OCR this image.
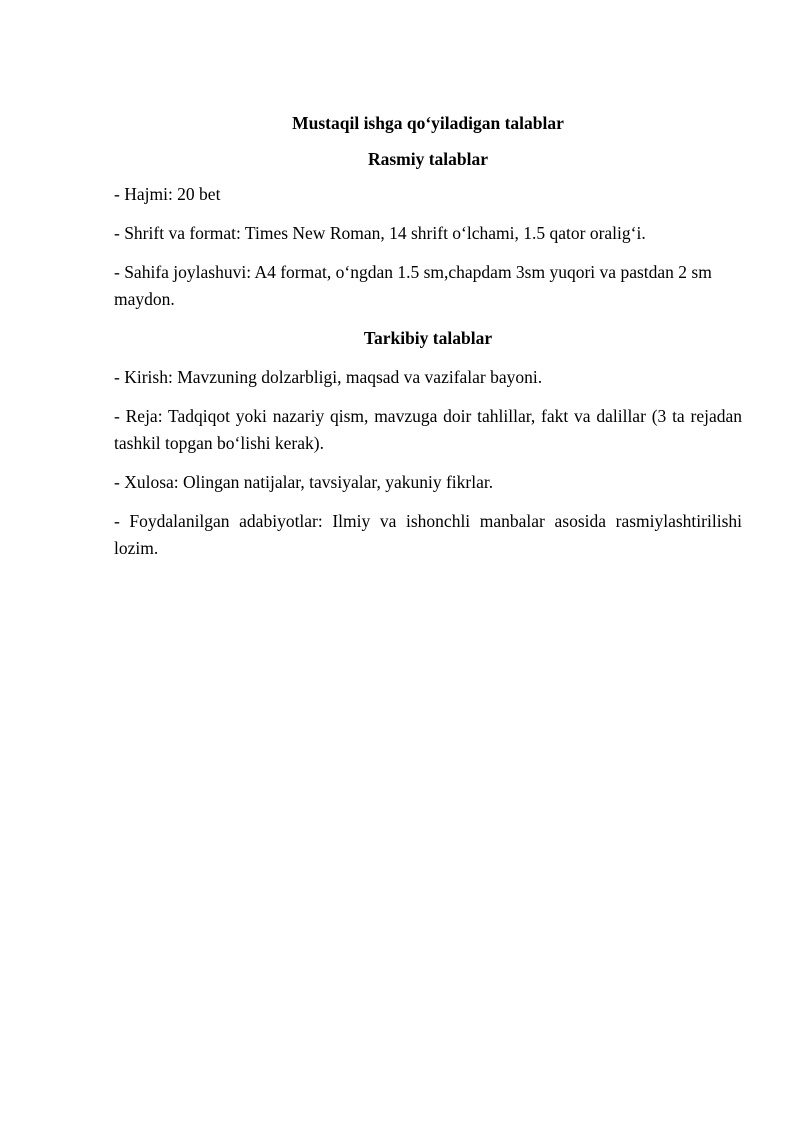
Mustaqil ishga qo‘yiladigan talablar

Rasmiy talablar

- Hajmi: 20 bet

- Shrift va format: Times New Roman, 14 shrift o‘lchami, 1.5 qator oralig‘i.

- Sahifa joylashuvi: A4 format, o‘ngdan 1.5 sm,chapdam 3sm yuqori va pastdan 2 sm maydon.

Tarkibiy talablar

- Kirish: Mavzuning dolzarbligi, maqsad va vazifalar bayoni.

- Reja: Tadqiqot yoki nazariy qism, mavzuga doir tahlillar, fakt va dalillar (3 ta rejadan tashkil topgan bo‘lishi kerak).

- Xulosa: Olingan natijalar, tavsiyalar, yakuniy fikrlar.

- Foydalanilgan adabiyotlar: Ilmiy va ishonchli manbalar asosida rasmiylashtirilishi lozim.
